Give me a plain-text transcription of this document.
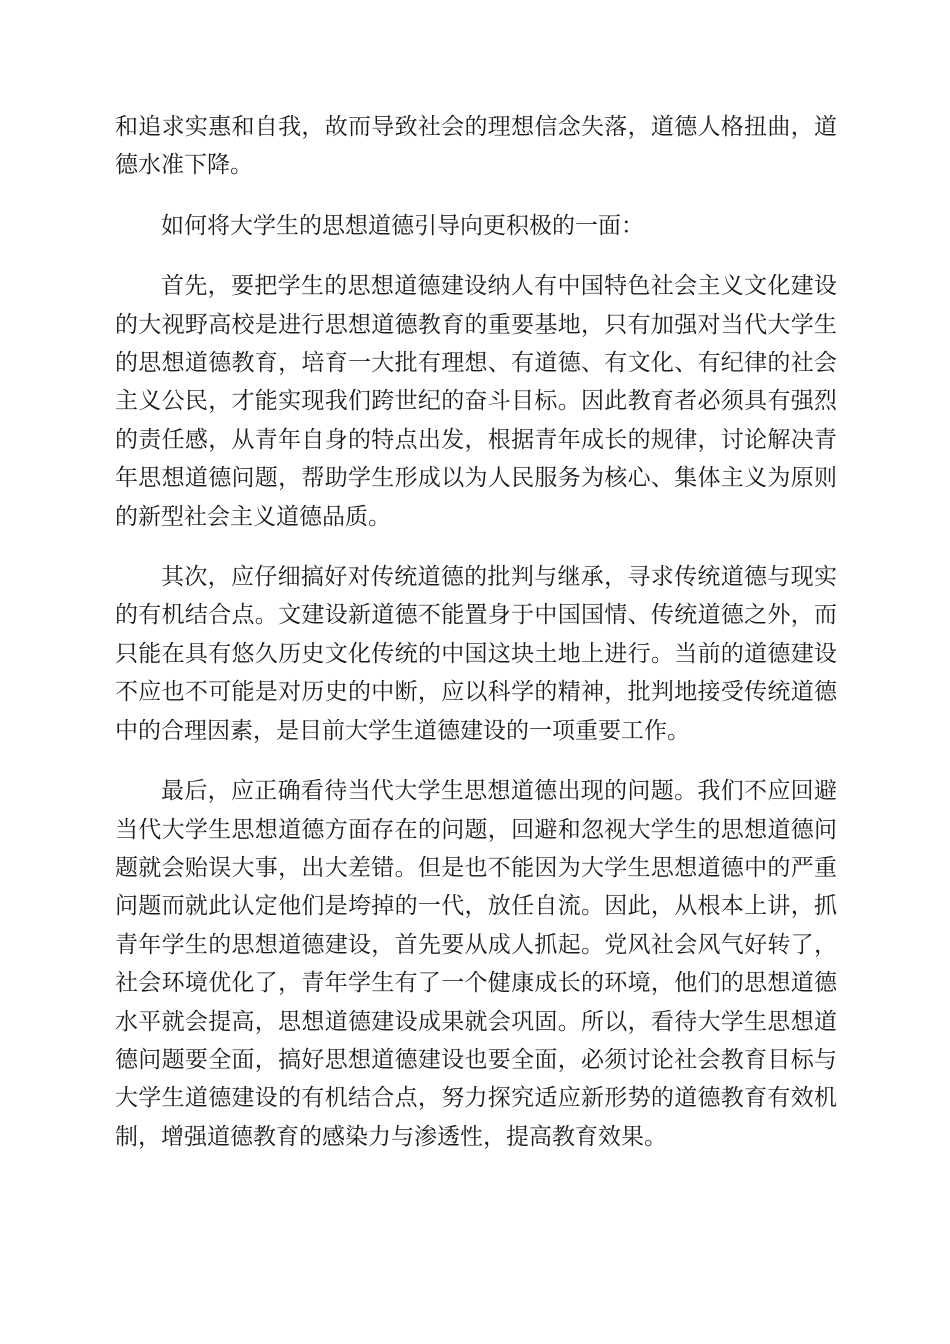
和追求实惠和自我，故而导致社会的理想信念失落，道德人格扭曲，道德水准下降。

如何将大学生的思想道德引导向更积极的一面：

首先，要把学生的思想道德建设纳人有中国特色社会主义文化建设的大视野高校是进行思想道德教育的重要基地，只有加强对当代大学生的思想道德教育，培育一大批有理想、有道德、有文化、有纪律的社会主义公民，才能实现我们跨世纪的奋斗目标。因此教育者必须具有强烈的责任感，从青年自身的特点出发，根据青年成长的规律，讨论解决青年思想道德问题，帮助学生形成以为人民服务为核心、集体主义为原则的新型社会主义道德品质。

其次，应仔细搞好对传统道德的批判与继承，寻求传统道德与现实的有机结合点。文建设新道德不能置身于中国国情、传统道德之外，而只能在具有悠久历史文化传统的中国这块土地上进行。当前的道德建设不应也不可能是对历史的中断，应以科学的精神，批判地接受传统道德中的合理因素，是目前大学生道德建设的一项重要工作。

最后，应正确看待当代大学生思想道德出现的问题。我们不应回避当代大学生思想道德方面存在的问题，回避和忽视大学生的思想道德问题就会贻误大事，出大差错。但是也不能因为大学生思想道德中的严重问题而就此认定他们是垮掉的一代，放任自流。因此，从根本上讲，抓青年学生的思想道德建设，首先要从成人抓起。党风社会风气好转了，社会环境优化了，青年学生有了一个健康成长的环境，他们的思想道德水平就会提高，思想道德建设成果就会巩固。所以，看待大学生思想道德问题要全面，搞好思想道德建设也要全面，必须讨论社会教育目标与大学生道德建设的有机结合点，努力探究适应新形势的道德教育有效机制，增强道德教育的感染力与渗透性，提高教育效果。
